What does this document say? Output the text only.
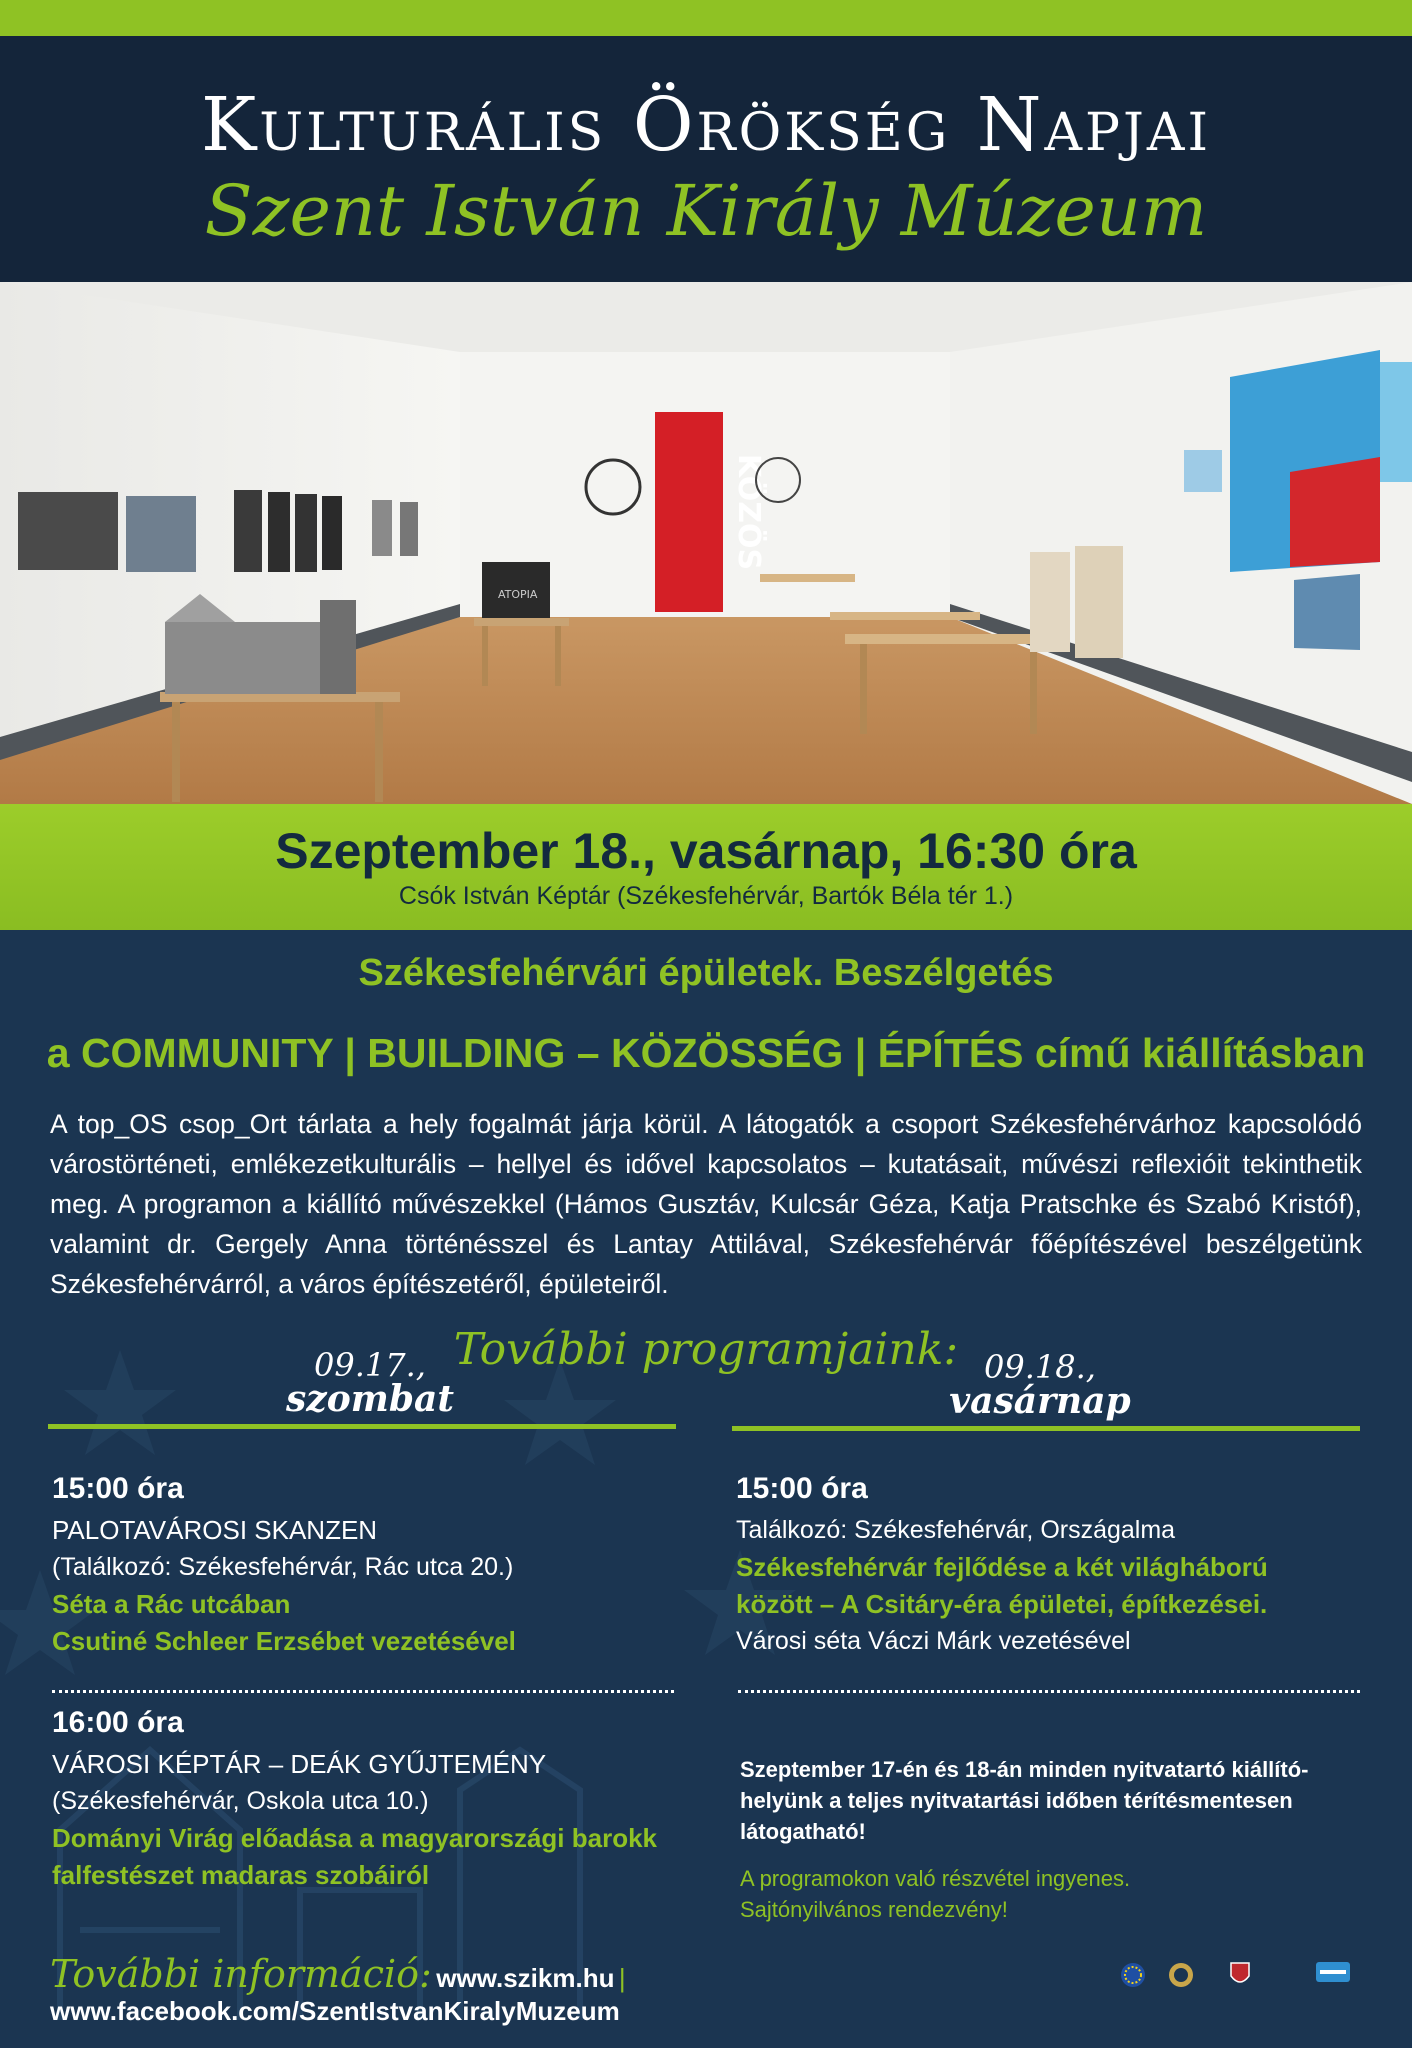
Kulturális Örökség Napjai
Szent István Király Múzeum
ATOPIA
KÖZÖS
Szeptember 18., vasárnap, 16:30 óra
Csók István Képtár (Székesfehérvár, Bartók Béla tér 1.)
Székesfehérvári épületek. Beszélgetés
a COMMUNITY | BUILDING – KÖZÖSSÉG | ÉPÍTÉS című kiállításban
A top_OS csop_Ort tárlata a hely fogalmát járja körül. A látogatók a csoport Székesfehérvárhoz kapcsolódó várostörténeti, emlékezetkulturális – hellyel és idővel kapcsolatos – kutatásait, művészi reflexióit tekinthetik meg. A programon a kiállító művészekkel (Hámos Gusztáv, Kulcsár Géza, Katja Pratschke és Szabó Kristóf), valamint dr. Gergely Anna történésszel és Lantay Attilával, Székesfehérvár főépítészével beszélgetünk Székesfehérvárról, a város építészetéről, épületeiről.
További programjaink:
09.17.,
szombat
15:00 óra
PALOTAVÁROSI SKANZEN
(Találkozó: Székesfehérvár, Rác utca 20.)
Séta a Rác utcában
Csutiné Schleer Erzsébet vezetésével
16:00 óra
VÁROSI KÉPTÁR – DEÁK GYŰJTEMÉNY
(Székesfehérvár, Oskola utca 10.)
Dományi Virág előadása a magyarországi barokk
falfestészet madaras szobáiról
09.18.,
vasárnap
15:00 óra
Találkozó: Székesfehérvár, Országalma
Székesfehérvár fejlődése a két világháború
között – A Csitáry-éra épületei, építkezései.
Városi séta Váczi Márk vezetésével
Szeptember 17-én és 18-án minden nyitvatartó kiállító-
helyünk a teljes nyitvatartási időben térítésmentesen
látogatható!
A programokon való részvétel ingyenes.
Sajtónyilvános rendezvény!
További információ: www.szikm.hu | www.facebook.com/SzentIstvanKiralyMuzeum
